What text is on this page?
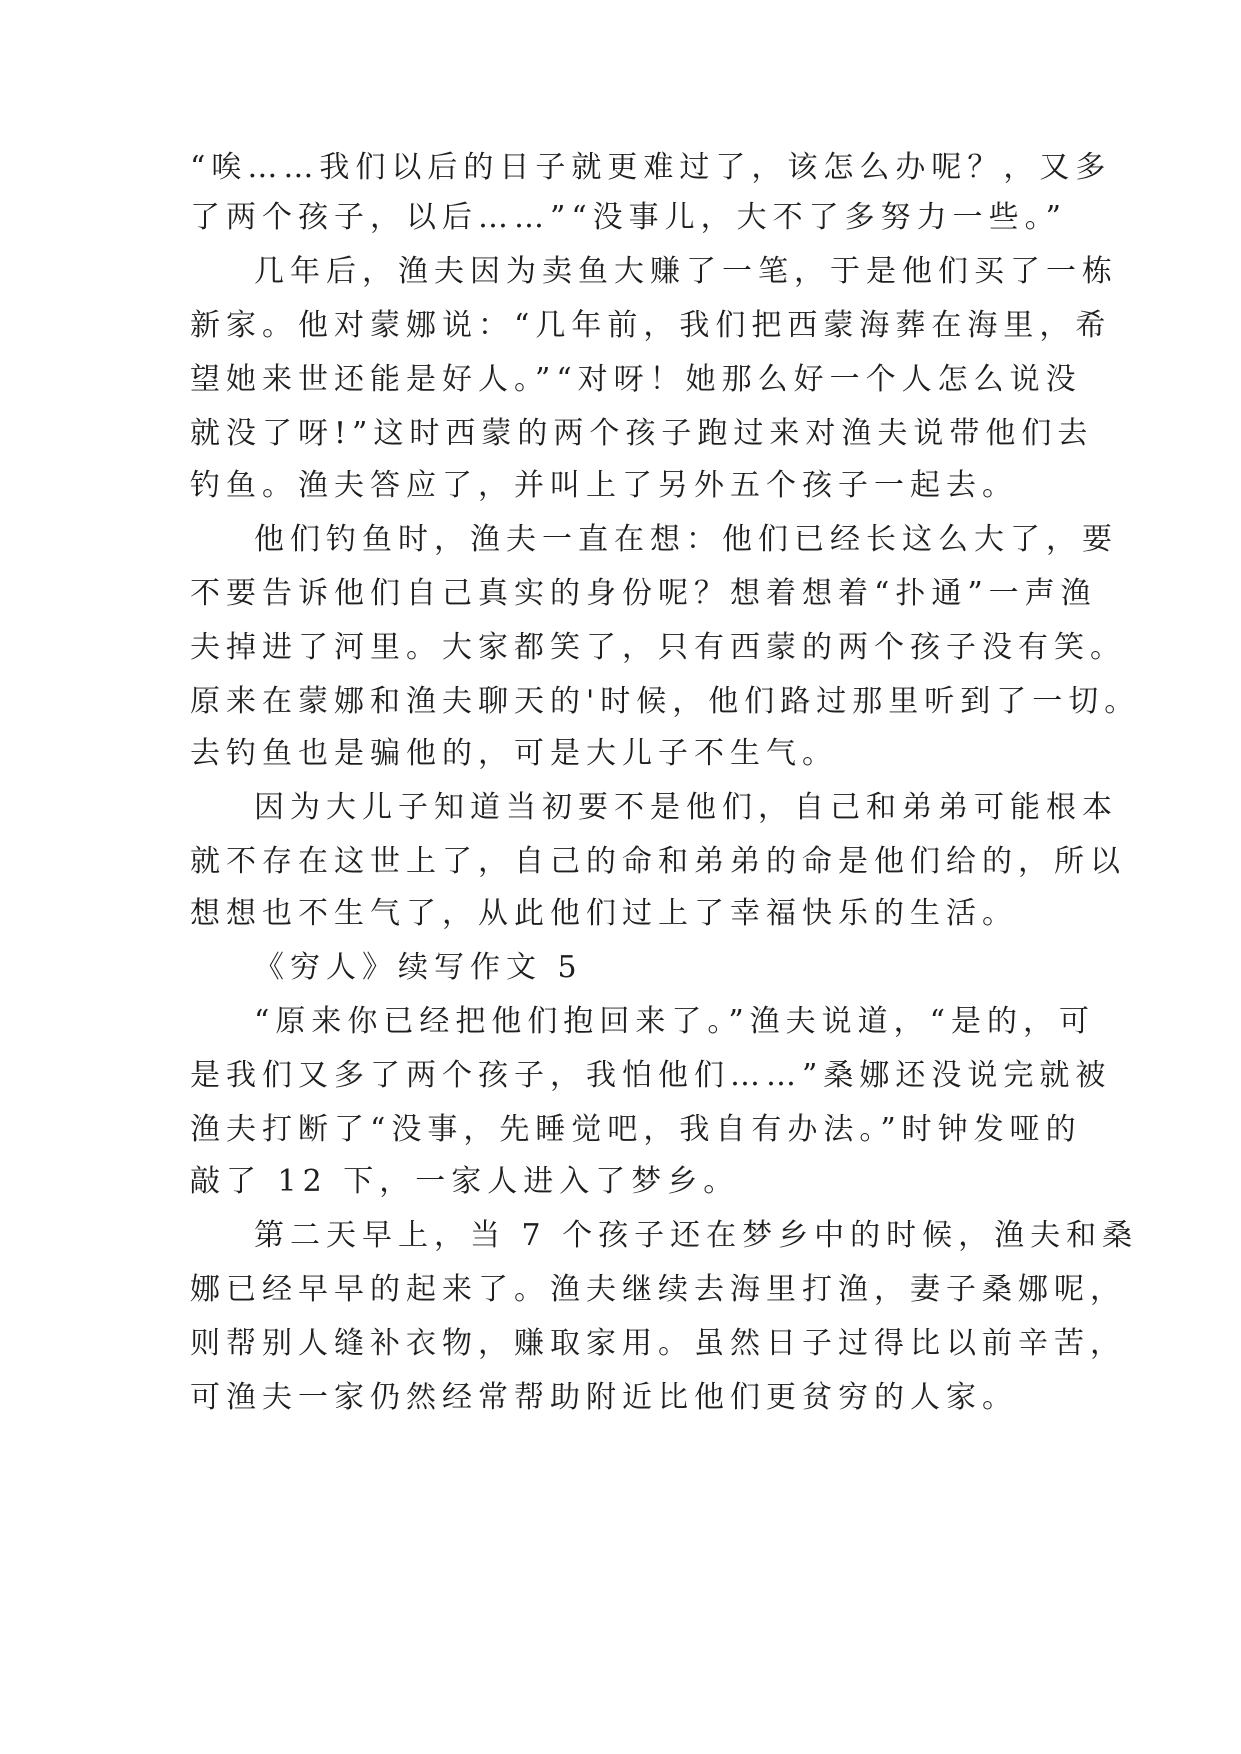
“唉……我们以后的日子就更难过了，该怎么办呢？，又多
了两个孩子，以后……”“没事儿，大不了多努力一些。”
几年后，渔夫因为卖鱼大赚了一笔，于是他们买了一栋
新家。他对蒙娜说：“几年前，我们把西蒙海葬在海里，希
望她来世还能是好人。”“对呀！她那么好一个人怎么说没
就没了呀!”这时西蒙的两个孩子跑过来对渔夫说带他们去
钓鱼。渔夫答应了，并叫上了另外五个孩子一起去。
他们钓鱼时，渔夫一直在想：他们已经长这么大了，要
不要告诉他们自己真实的身份呢？想着想着“扑通”一声渔
夫掉进了河里。大家都笑了，只有西蒙的两个孩子没有笑。
原来在蒙娜和渔夫聊天的'时候，他们路过那里听到了一切。
去钓鱼也是骗他的，可是大儿子不生气。
因为大儿子知道当初要不是他们，自己和弟弟可能根本
就不存在这世上了，自己的命和弟弟的命是他们给的，所以
想想也不生气了，从此他们过上了幸福快乐的生活。
《穷人》续写作文 5
“原来你已经把他们抱回来了。”渔夫说道，“是的，可
是我们又多了两个孩子，我怕他们……”桑娜还没说完就被
渔夫打断了“没事，先睡觉吧，我自有办法。”时钟发哑的
敲了 12 下，一家人进入了梦乡。
第二天早上，当 7 个孩子还在梦乡中的时候，渔夫和桑
娜已经早早的起来了。渔夫继续去海里打渔，妻子桑娜呢，
则帮别人缝补衣物，赚取家用。虽然日子过得比以前辛苦，
可渔夫一家仍然经常帮助附近比他们更贫穷的人家。
